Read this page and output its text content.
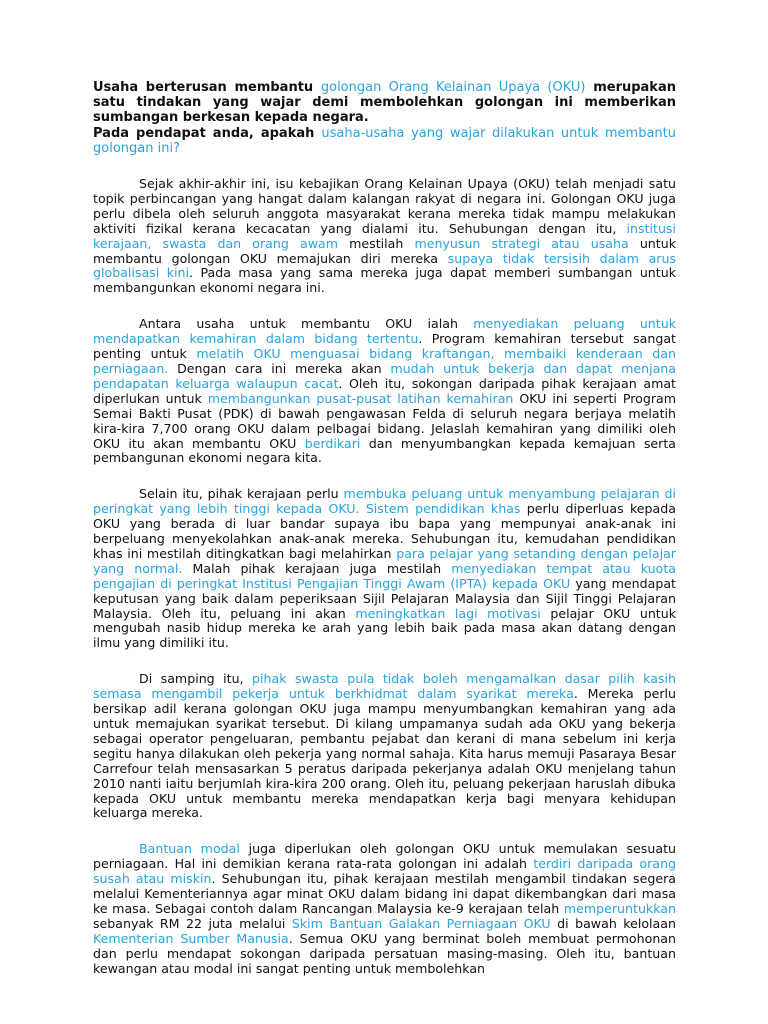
Usaha berterusan membantu golongan Orang Kelainan Upaya (OKU) merupakan satu tindakan yang wajar demi membolehkan golongan ini memberikan sumbangan berkesan kepada negara.

Pada pendapat anda, apakah usaha-usaha yang wajar dilakukan untuk membantu golongan ini?

Sejak akhir-akhir ini, isu kebajikan Orang Kelainan Upaya (OKU) telah menjadi satu topik perbincangan yang hangat dalam kalangan rakyat di negara ini. Golongan OKU juga perlu dibela oleh seluruh anggota masyarakat kerana mereka tidak mampu melakukan aktiviti fizikal kerana kecacatan yang dialami itu. Sehubungan dengan itu, institusi kerajaan, swasta dan orang awam mestilah menyusun strategi atau usaha untuk membantu golongan OKU memajukan diri mereka supaya tidak tersisih dalam arus globalisasi kini. Pada masa yang sama mereka juga dapat memberi sumbangan untuk membangunkan ekonomi negara ini.

Antara usaha untuk membantu OKU ialah menyediakan peluang untuk mendapatkan kemahiran dalam bidang tertentu. Program kemahiran tersebut sangat penting untuk melatih OKU menguasai bidang kraftangan, membaiki kenderaan dan perniagaan. Dengan cara ini mereka akan mudah untuk bekerja dan dapat menjana pendapatan keluarga walaupun cacat. Oleh itu, sokongan daripada pihak kerajaan amat diperlukan untuk membangunkan pusat-pusat latihan kemahiran OKU ini seperti Program Semai Bakti Pusat (PDK) di bawah pengawasan Felda di seluruh negara berjaya melatih kira-kira 7,700 orang OKU dalam pelbagai bidang. Jelaslah kemahiran yang dimiliki oleh OKU itu akan membantu OKU berdikari dan menyumbangkan kepada kemajuan serta pembangunan ekonomi negara kita.

Selain itu, pihak kerajaan perlu membuka peluang untuk menyambung pelajaran di peringkat yang lebih tinggi kepada OKU. Sistem pendidikan khas perlu diperluas kepada OKU yang berada di luar bandar supaya ibu bapa yang mempunyai anak-anak ini berpeluang menyekolahkan anak-anak mereka. Sehubungan itu, kemudahan pendidikan khas ini mestilah ditingkatkan bagi melahirkan para pelajar yang setanding dengan pelajar yang normal. Malah pihak kerajaan juga mestilah menyediakan tempat atau kuota pengajian di peringkat Institusi Pengajian Tinggi Awam (IPTA) kepada OKU yang mendapat keputusan yang baik dalam peperiksaan Sijil Pelajaran Malaysia dan Sijil Tinggi Pelajaran Malaysia. Oleh itu, peluang ini akan meningkatkan lagi motivasi pelajar OKU untuk mengubah nasib hidup mereka ke arah yang lebih baik pada masa akan datang dengan ilmu yang dimiliki itu.

Di samping itu, pihak swasta pula tidak boleh mengamalkan dasar pilih kasih semasa mengambil pekerja untuk berkhidmat dalam syarikat mereka. Mereka perlu bersikap adil kerana golongan OKU juga mampu menyumbangkan kemahiran yang ada untuk memajukan syarikat tersebut. Di kilang umpamanya sudah ada OKU yang bekerja sebagai operator pengeluaran, pembantu pejabat dan kerani di mana sebelum ini kerja segitu hanya dilakukan oleh pekerja yang normal sahaja. Kita harus memuji Pasaraya Besar Carrefour telah mensasarkan 5 peratus daripada pekerjanya adalah OKU menjelang tahun 2010 nanti iaitu berjumlah kira-kira 200 orang. Oleh itu, peluang pekerjaan haruslah dibuka kepada OKU untuk membantu mereka mendapatkan kerja bagi menyara kehidupan keluarga mereka.

Bantuan modal juga diperlukan oleh golongan OKU untuk memulakan sesuatu perniagaan. Hal ini demikian kerana rata-rata golongan ini adalah terdiri daripada orang susah atau miskin. Sehubungan itu, pihak kerajaan mestilah mengambil tindakan segera melalui Kementeriannya agar minat OKU dalam bidang ini dapat dikembangkan dari masa ke masa. Sebagai contoh dalam Rancangan Malaysia ke-9 kerajaan telah memperuntukkan sebanyak RM 22 juta melalui Skim Bantuan Galakan Perniagaan OKU di bawah kelolaan Kementerian Sumber Manusia. Semua OKU yang berminat boleh membuat permohonan dan perlu mendapat sokongan daripada persatuan masing-masing. Oleh itu, bantuan kewangan atau modal ini sangat penting untuk membolehkan
